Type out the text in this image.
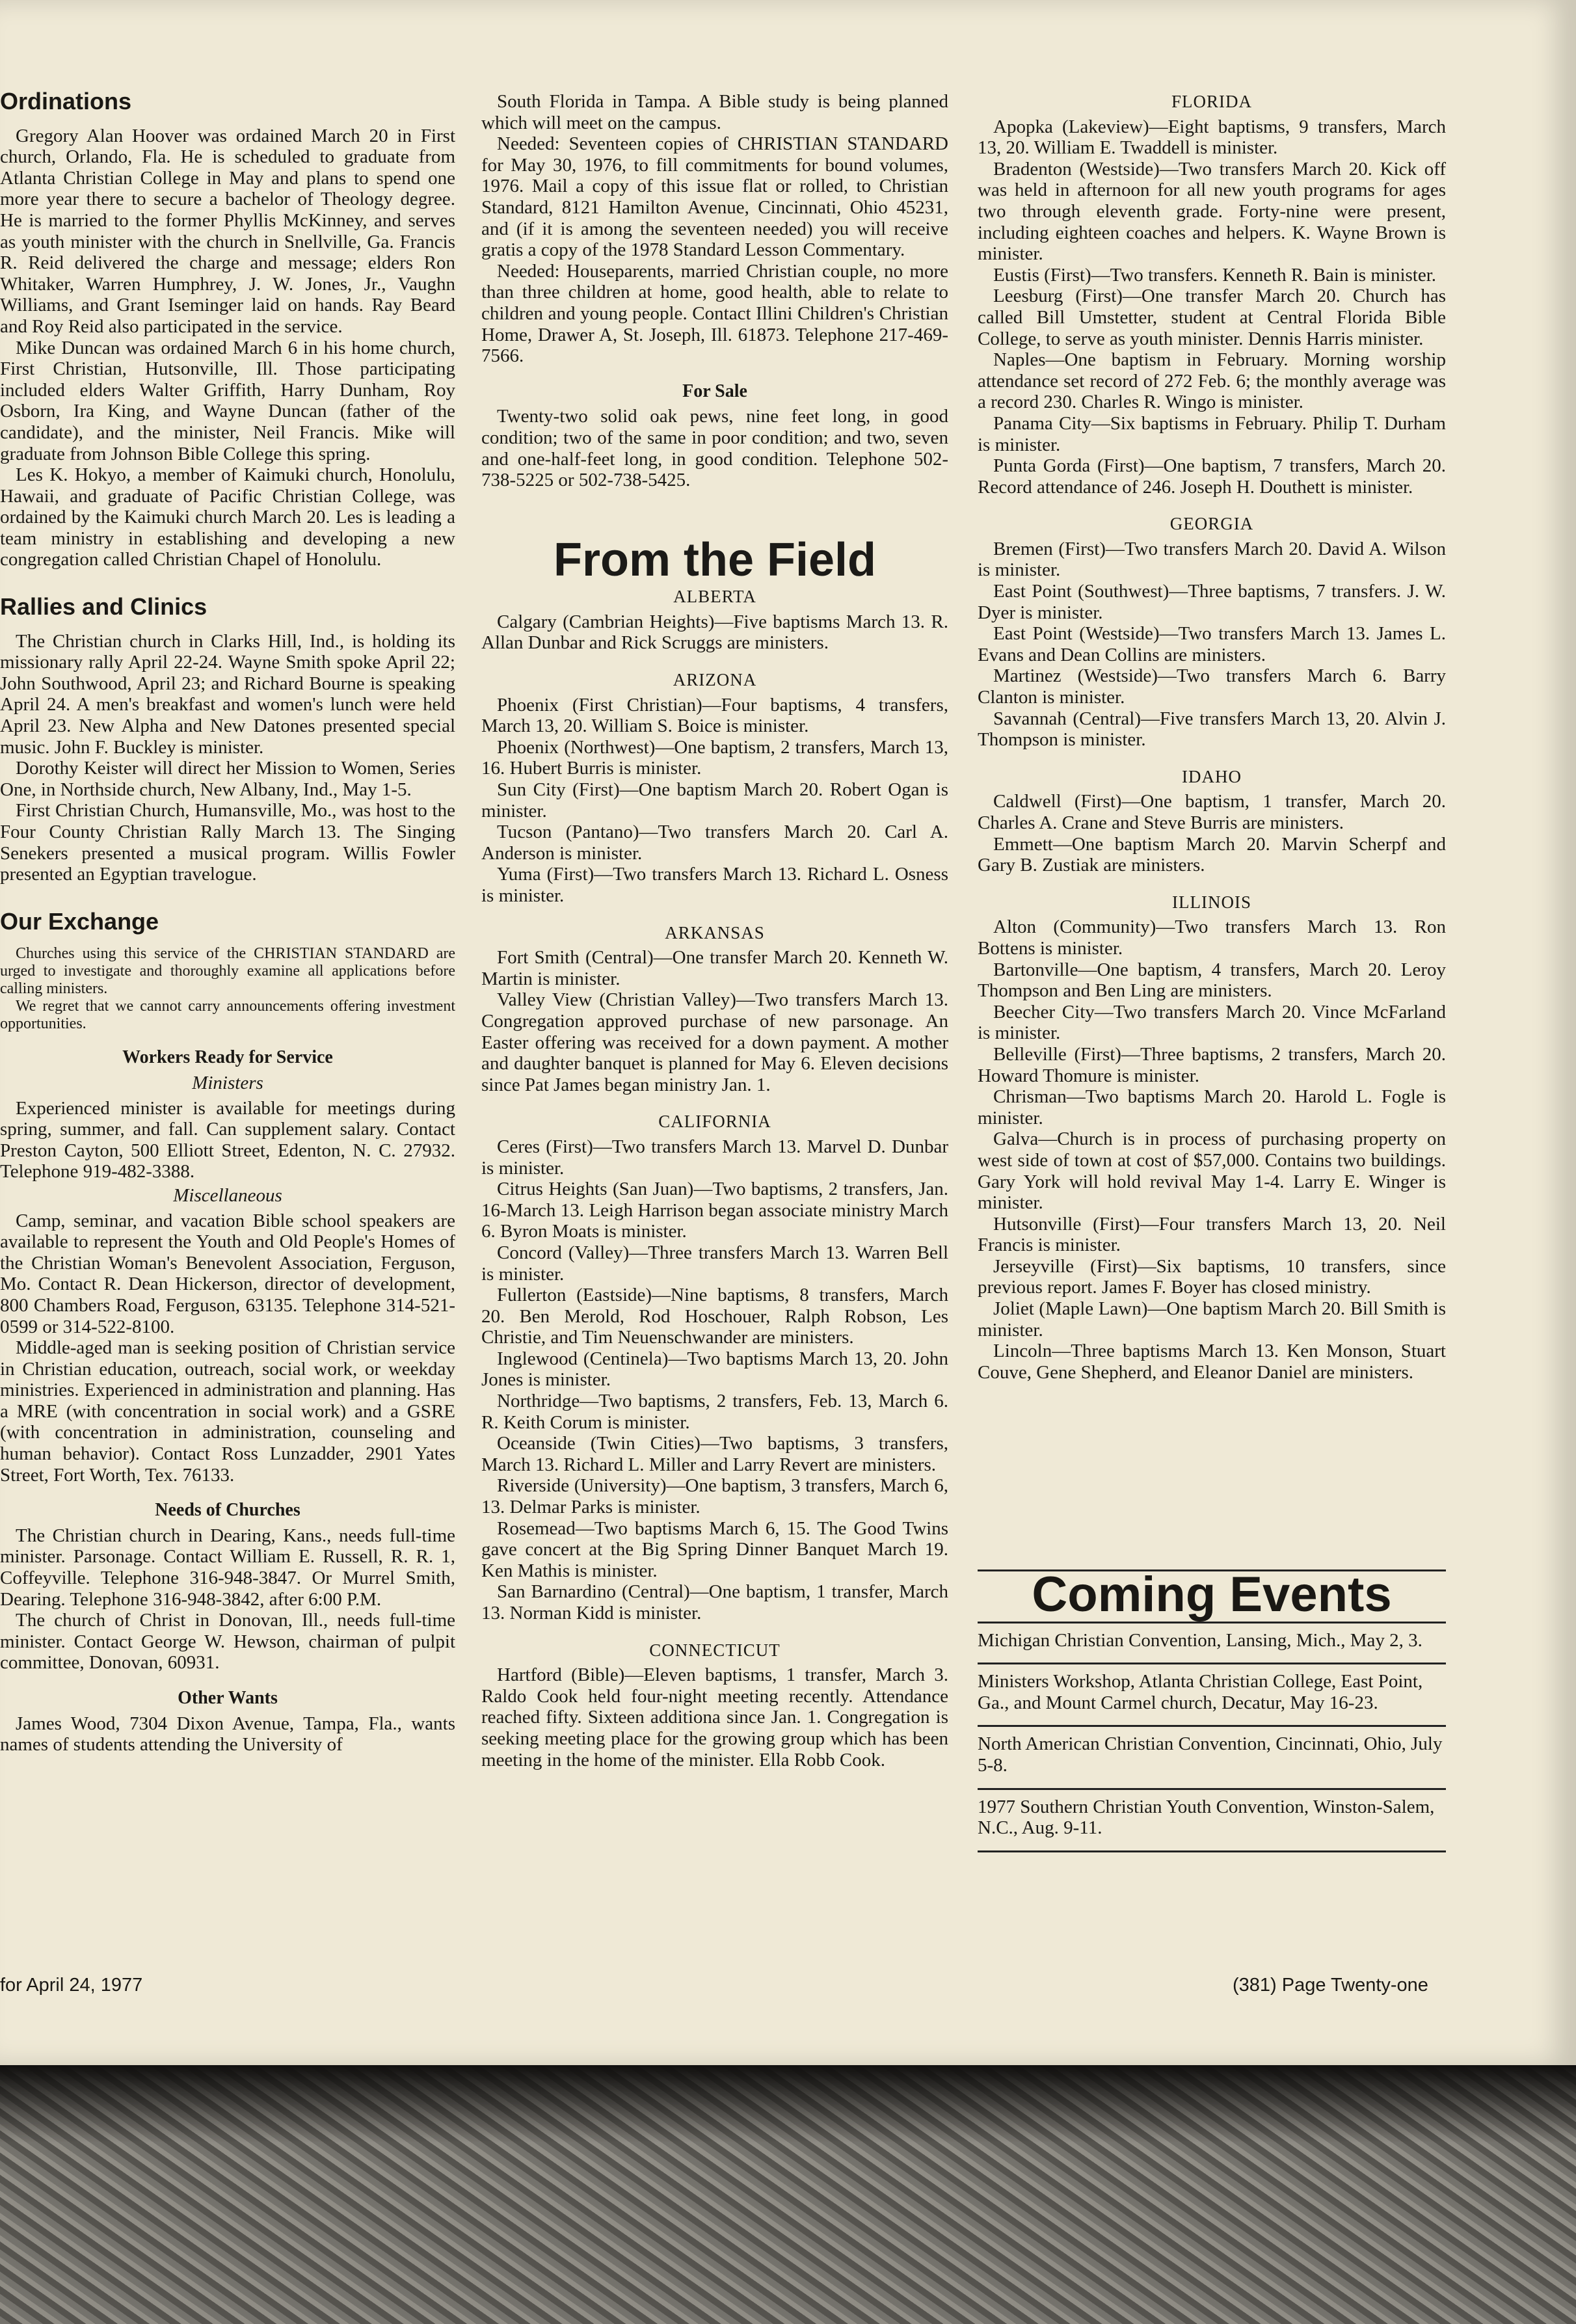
Ordinations

Gregory Alan Hoover was ordained March 20 in First church, Orlando, Fla. He is scheduled to graduate from Atlanta Christian College in May and plans to spend one more year there to secure a bachelor of Theology degree. He is married to the former Phyllis McKinney, and serves as youth minister with the church in Snellville, Ga. Francis R. Reid delivered the charge and message; elders Ron Whitaker, Warren Humphrey, J. W. Jones, Jr., Vaughn Williams, and Grant Iseminger laid on hands. Ray Beard and Roy Reid also participated in the service.

Mike Duncan was ordained March 6 in his home church, First Christian, Hutsonville, Ill. Those participating included elders Walter Griffith, Harry Dunham, Roy Osborn, Ira King, and Wayne Duncan (father of the candidate), and the minister, Neil Francis. Mike will graduate from Johnson Bible College this spring.

Les K. Hokyo, a member of Kaimuki church, Honolulu, Hawaii, and graduate of Pacific Christian College, was ordained by the Kaimuki church March 20. Les is leading a team ministry in establishing and developing a new congregation called Christian Chapel of Honolulu.

Rallies and Clinics

The Christian church in Clarks Hill, Ind., is holding its missionary rally April 22-24. Wayne Smith spoke April 22; John Southwood, April 23; and Richard Bourne is speaking April 24. A men's breakfast and women's lunch were held April 23. New Alpha and New Datones presented special music. John F. Buckley is minister.

Dorothy Keister will direct her Mission to Women, Series One, in Northside church, New Albany, Ind., May 1-5.

First Christian Church, Humansville, Mo., was host to the Four County Christian Rally March 13. The Singing Senekers presented a musical program. Willis Fowler presented an Egyptian travelogue.

Our Exchange

Churches using this service of the CHRISTIAN STANDARD are urged to investigate and thoroughly examine all applications before calling ministers.

We regret that we cannot carry announcements offering investment opportunities.

Workers Ready for Service
Ministers

Experienced minister is available for meetings during spring, summer, and fall. Can supplement salary. Contact Preston Cayton, 500 Elliott Street, Edenton, N. C. 27932. Telephone 919-482-3388.

Miscellaneous

Camp, seminar, and vacation Bible school speakers are available to represent the Youth and Old People's Homes of the Christian Woman's Benevolent Association, Ferguson, Mo. Contact R. Dean Hickerson, director of development, 800 Chambers Road, Ferguson, 63135. Telephone 314-521-0599 or 314-522-8100.

Middle-aged man is seeking position of Christian service in Christian education, outreach, social work, or weekday ministries. Experienced in administration and planning. Has a MRE (with concentration in social work) and a GSRE (with concentration in administration, counseling and human behavior). Contact Ross Lunzadder, 2901 Yates Street, Fort Worth, Tex. 76133.

Needs of Churches

The Christian church in Dearing, Kans., needs full-time minister. Parsonage. Contact William E. Russell, R. R. 1, Coffeyville. Telephone 316-948-3847. Or Murrel Smith, Dearing. Telephone 316-948-3842, after 6:00 P.M.

The church of Christ in Donovan, Ill., needs full-time minister. Contact George W. Hewson, chairman of pulpit committee, Donovan, 60931.

Other Wants

James Wood, 7304 Dixon Avenue, Tampa, Fla., wants names of students attending the University of

South Florida in Tampa. A Bible study is being planned which will meet on the campus.

Needed: Seventeen copies of CHRISTIAN STANDARD for May 30, 1976, to fill commitments for bound volumes, 1976. Mail a copy of this issue flat or rolled, to Christian Standard, 8121 Hamilton Avenue, Cincinnati, Ohio 45231, and (if it is among the seventeen needed) you will receive gratis a copy of the 1978 Standard Lesson Commentary.

Needed: Houseparents, married Christian couple, no more than three children at home, good health, able to relate to children and young people. Contact Illini Children's Christian Home, Drawer A, St. Joseph, Ill. 61873. Telephone 217-469-7566.

For Sale

Twenty-two solid oak pews, nine feet long, in good condition; two of the same in poor condition; and two, seven and one-half-feet long, in good condition. Telephone 502-738-5225 or 502-738-5425.

From the Field
ALBERTA

Calgary (Cambrian Heights)—Five baptisms March 13. R. Allan Dunbar and Rick Scruggs are ministers.

ARIZONA

Phoenix (First Christian)—Four baptisms, 4 transfers, March 13, 20. William S. Boice is minister.

Phoenix (Northwest)—One baptism, 2 transfers, March 13, 16. Hubert Burris is minister.

Sun City (First)—One baptism March 20. Robert Ogan is minister.

Tucson (Pantano)—Two transfers March 20. Carl A. Anderson is minister.

Yuma (First)—Two transfers March 13. Richard L. Osness is minister.

ARKANSAS

Fort Smith (Central)—One transfer March 20. Kenneth W. Martin is minister.

Valley View (Christian Valley)—Two transfers March 13. Congregation approved purchase of new parsonage. An Easter offering was received for a down payment. A mother and daughter banquet is planned for May 6. Eleven decisions since Pat James began ministry Jan. 1.

CALIFORNIA

Ceres (First)—Two transfers March 13. Marvel D. Dunbar is minister.

Citrus Heights (San Juan)—Two baptisms, 2 transfers, Jan. 16-March 13. Leigh Harrison began associate ministry March 6. Byron Moats is minister.

Concord (Valley)—Three transfers March 13. Warren Bell is minister.

Fullerton (Eastside)—Nine baptisms, 8 transfers, March 20. Ben Merold, Rod Hoschouer, Ralph Robson, Les Christie, and Tim Neuenschwander are ministers.

Inglewood (Centinela)—Two baptisms March 13, 20. John Jones is minister.

Northridge—Two baptisms, 2 transfers, Feb. 13, March 6. R. Keith Corum is minister.

Oceanside (Twin Cities)—Two baptisms, 3 transfers, March 13. Richard L. Miller and Larry Revert are ministers.

Riverside (University)—One baptism, 3 transfers, March 6, 13. Delmar Parks is minister.

Rosemead—Two baptisms March 6, 15. The Good Twins gave concert at the Big Spring Dinner Banquet March 19. Ken Mathis is minister.

San Barnardino (Central)—One baptism, 1 transfer, March 13. Norman Kidd is minister.

CONNECTICUT

Hartford (Bible)—Eleven baptisms, 1 transfer, March 3. Raldo Cook held four-night meeting recently. Attendance reached fifty. Sixteen additiona since Jan. 1. Congregation is seeking meeting place for the growing group which has been meeting in the home of the minister. Ella Robb Cook.

FLORIDA

Apopka (Lakeview)—Eight baptisms, 9 transfers, March 13, 20. William E. Twaddell is minister.

Bradenton (Westside)—Two transfers March 20. Kick off was held in afternoon for all new youth programs for ages two through eleventh grade. Forty-nine were present, including eighteen coaches and helpers. K. Wayne Brown is minister.

Eustis (First)—Two transfers. Kenneth R. Bain is minister.

Leesburg (First)—One transfer March 20. Church has called Bill Umstetter, student at Central Florida Bible College, to serve as youth minister. Dennis Harris minister.

Naples—One baptism in February. Morning worship attendance set record of 272 Feb. 6; the monthly average was a record 230. Charles R. Wingo is minister.

Panama City—Six baptisms in February. Philip T. Durham is minister.

Punta Gorda (First)—One baptism, 7 transfers, March 20. Record attendance of 246. Joseph H. Douthett is minister.

GEORGIA

Bremen (First)—Two transfers March 20. David A. Wilson is minister.

East Point (Southwest)—Three baptisms, 7 transfers. J. W. Dyer is minister.

East Point (Westside)—Two transfers March 13. James L. Evans and Dean Collins are ministers.

Martinez (Westside)—Two transfers March 6. Barry Clanton is minister.

Savannah (Central)—Five transfers March 13, 20. Alvin J. Thompson is minister.

IDAHO

Caldwell (First)—One baptism, 1 transfer, March 20. Charles A. Crane and Steve Burris are ministers.

Emmett—One baptism March 20. Marvin Scherpf and Gary B. Zustiak are ministers.

ILLINOIS

Alton (Community)—Two transfers March 13. Ron Bottens is minister.

Bartonville—One baptism, 4 transfers, March 20. Leroy Thompson and Ben Ling are ministers.

Beecher City—Two transfers March 20. Vince McFarland is minister.

Belleville (First)—Three baptisms, 2 transfers, March 20. Howard Thomure is minister.

Chrisman—Two baptisms March 20. Harold L. Fogle is minister.

Galva—Church is in process of purchasing property on west side of town at cost of $57,000. Contains two buildings. Gary York will hold revival May 1-4. Larry E. Winger is minister.

Hutsonville (First)—Four transfers March 13, 20. Neil Francis is minister.

Jerseyville (First)—Six baptisms, 10 transfers, since previous report. James F. Boyer has closed ministry.

Joliet (Maple Lawn)—One baptism March 20. Bill Smith is minister.

Lincoln—Three baptisms March 13. Ken Monson, Stuart Couve, Gene Shepherd, and Eleanor Daniel are ministers.

Coming Events
Michigan Christian Convention, Lansing, Mich., May 2, 3.
Ministers Workshop, Atlanta Christian College, East Point, Ga., and Mount Carmel church, Decatur, May 16-23.
North American Christian Convention, Cincinnati, Ohio, July 5-8.
1977 Southern Christian Youth Convention, Winston-Salem, N.C., Aug. 9-11.
for April 24, 1977	(381) Page Twenty-one
